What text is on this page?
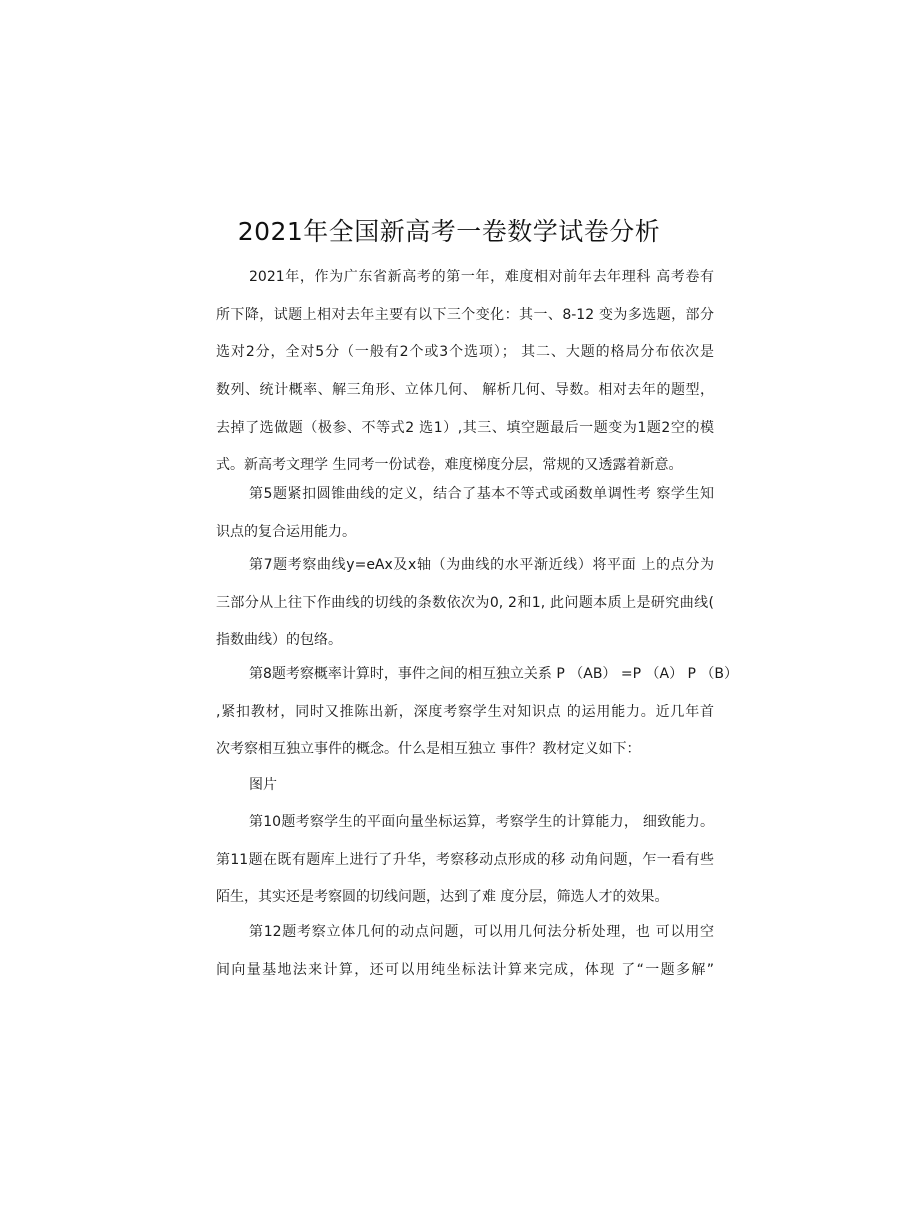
2021年全国新高考一卷数学试卷分析
2021年，作为广东省新高考的第一年，难度相对前年去年理科 高考卷有
所下降，试题上相对去年主要有以下三个变化：其一、8-12 变为多选题，部分
选对2分，全对5分（一般有2个或3个选项）； 其二、大题的格局分布依次是
数列、统计概率、解三角形、立体几何、 解析几何、导数。相对去年的题型，
去掉了选做题（极参、不等式2 选1）,其三、填空题最后一题变为1题2空的模
式。新高考文理学 生同考一份试卷，难度梯度分层，常规的又透露着新意。
第5题紧扣圆锥曲线的定义，结合了基本不等式或函数单调性考 察学生知
识点的复合运用能力。
第7题考察曲线y=eAx及x轴（为曲线的水平渐近线）将平面 上的点分为
三部分从上往下作曲线的切线的条数依次为0, 2和1, 此问题本质上是研究曲线(
指数曲线）的包络。
第8题考察概率计算时，事件之间的相互独立关系 P （AB） =P （A） P （B）
,紧扣教材，同时又推陈出新，深度考察学生对知识点 的运用能力。近几年首
次考察相互独立事件的概念。什么是相互独立 事件？教材定义如下：
图片
第10题考察学生的平面向量坐标运算，考察学生的计算能力， 细致能力。
第11题在既有题库上进行了升华，考察移动点形成的移 动角问题，乍一看有些
陌生，其实还是考察圆的切线问题，达到了难 度分层，筛选人才的效果。
第12题考察立体几何的动点问题，可以用几何法分析处理，也 可以用空
间向量基地法来计算，还可以用纯坐标法计算来完成，体现 了“一题多解”
